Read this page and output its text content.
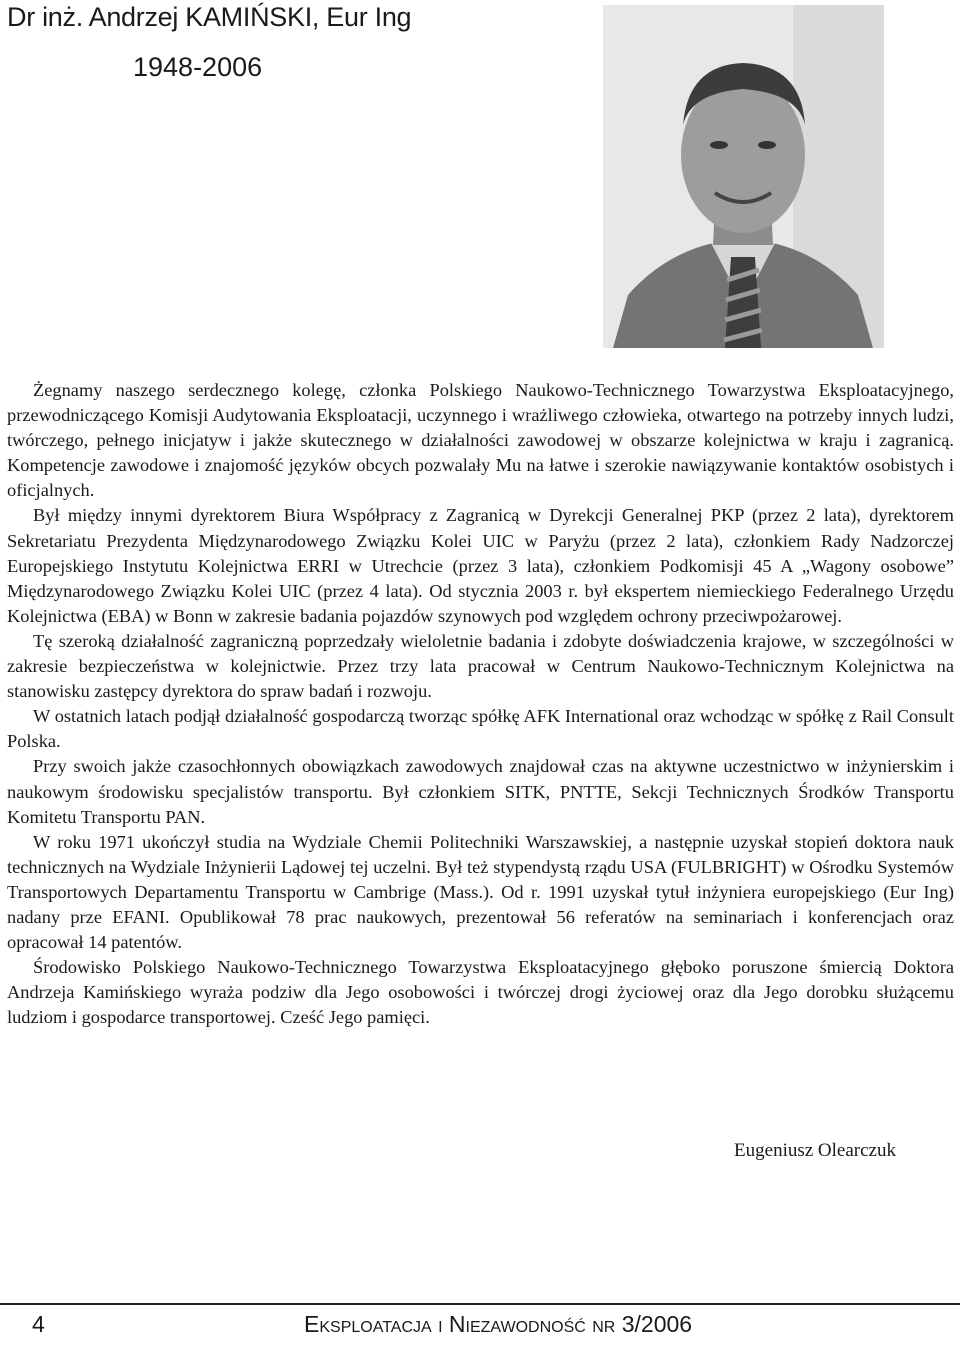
Dr inż. Andrzej KAMIŃSKI, Eur Ing
1948-2006

Żegnamy naszego serdecznego kolegę, członka Polskiego Naukowo-Technicznego Towarzystwa Eksploatacyjnego, przewodniczącego Komisji Audytowania Eksploatacji, uczynnego i wrażliwego człowieka, otwartego na potrzeby innych ludzi, twórczego, pełnego inicjatyw i jakże skutecznego w działalności zawodowej w obszarze kolejnictwa w kraju i zagranicą. Kompetencje zawodowe i znajomość języków obcych pozwalały Mu na łatwe i szerokie nawiązywanie kontaktów osobistych i oficjalnych.

Był między innymi dyrektorem Biura Współpracy z Zagranicą w Dyrekcji Generalnej PKP (przez 2 lata), dyrektorem Sekretariatu Prezydenta Międzynarodowego Związku Kolei UIC w Paryżu (przez 2 lata), członkiem Rady Nadzorczej Europejskiego Instytutu Kolejnictwa ERRI w Utrechcie (przez 3 lata), członkiem Podkomisji 45 A „Wagony osobowe” Międzynarodowego Związku Kolei UIC (przez 4 lata). Od stycznia 2003 r. był ekspertem niemieckiego Federalnego Urzędu Kolejnictwa (EBA) w Bonn w zakresie badania pojazdów szynowych pod względem ochrony przeciwpożarowej.

Tę szeroką działalność zagraniczną poprzedzały wieloletnie badania i zdobyte doświadczenia krajowe, w szczególności w zakresie bezpieczeństwa w kolejnictwie. Przez trzy lata pracował w Centrum Naukowo-Technicznym Kolejnictwa na stanowisku zastępcy dyrektora do spraw badań i rozwoju.

W ostatnich latach podjął działalność gospodarczą tworząc spółkę AFK International oraz wchodząc w spółkę z Rail Consult Polska.

Przy swoich jakże czasochłonnych obowiązkach zawodowych znajdował czas na aktywne uczestnictwo w inżynierskim i naukowym środowisku specjalistów transportu. Był członkiem SITK, PNTTE, Sekcji Technicznych Środków Transportu Komitetu Transportu PAN.

W roku 1971 ukończył studia na Wydziale Chemii Politechniki Warszawskiej, a następnie uzyskał stopień doktora nauk technicznych na Wydziale Inżynierii Lądowej tej uczelni. Był też stypendystą rządu USA (FULBRIGHT) w Ośrodku Systemów Transportowych Departamentu Transportu w Cambrige (Mass.). Od r. 1991 uzyskał tytuł inżyniera europejskiego (Eur Ing) nadany prze EFANI. Opublikował 78 prac naukowych, prezentował 56 referatów na seminariach i konferencjach oraz opracował 14 patentów.

Środowisko Polskiego Naukowo-Technicznego Towarzystwa Eksploatacyjnego głęboko poruszone śmiercią Doktora Andrzeja Kamińskiego wyraża podziw dla Jego osobowości i twórczej drogi życiowej oraz dla Jego dorobku służącemu ludziom i gospodarce transportowej. Cześć Jego pamięci.

Eugeniusz Olearczuk
4	EKSPLOATACJA I NIEZAWODNOŚĆ NR 3/2006
